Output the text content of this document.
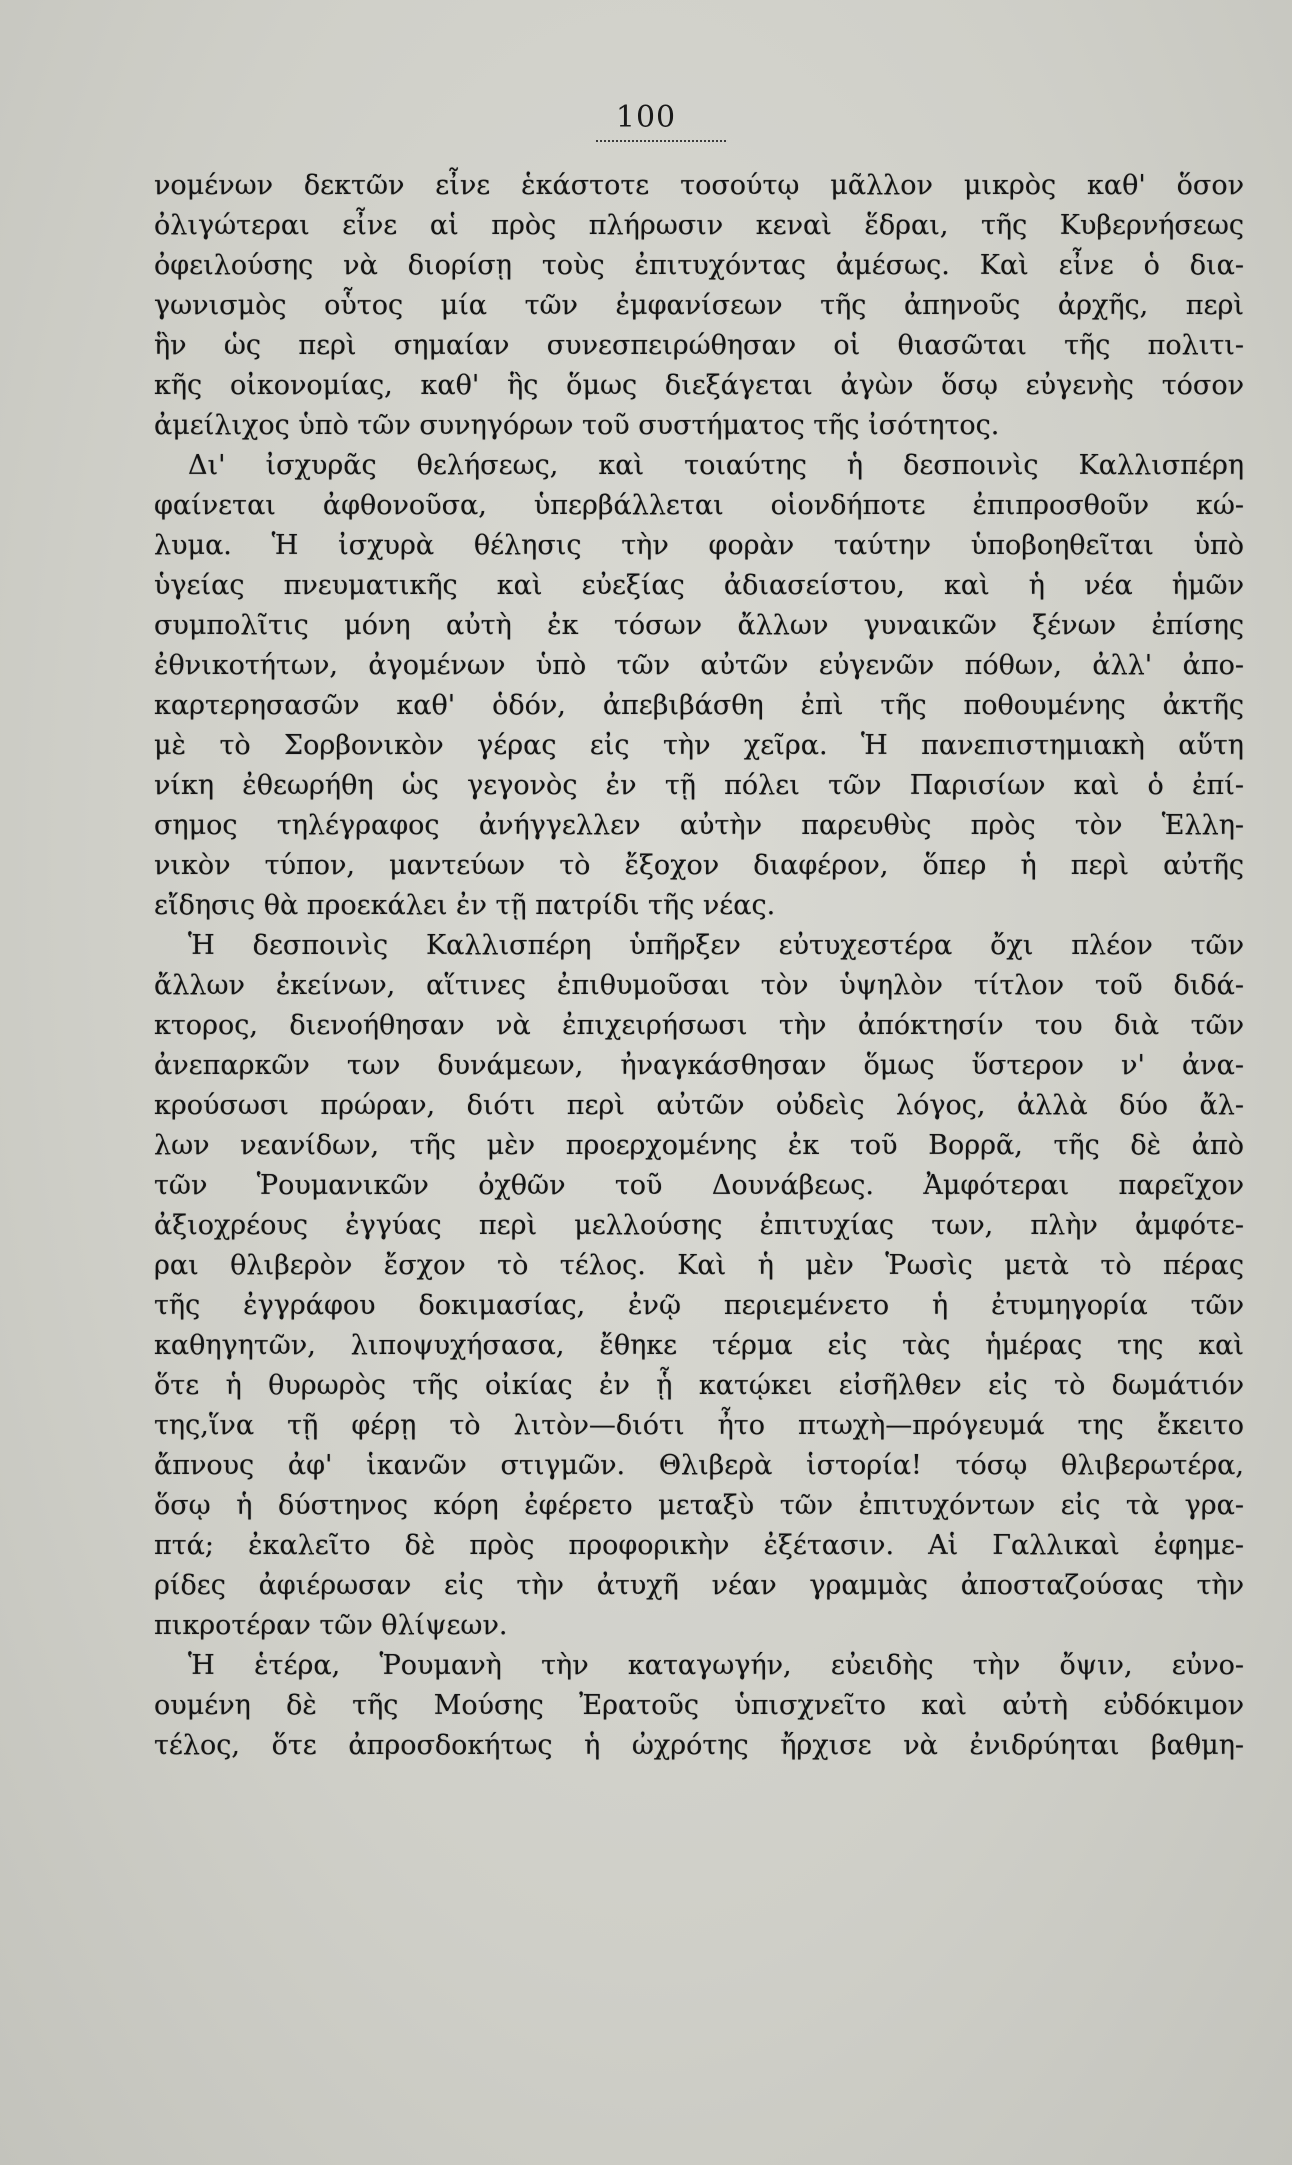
100
νομένων δεκτῶν εἶνε ἑκάστοτε τοσούτῳ μᾶλλον μικρὸς καθ' ὅσον
ὀλιγώτεραι εἶνε αἱ πρὸς πλήρωσιν κεναὶ ἕδραι, τῆς Κυβερνήσεως
ὀφειλούσης νὰ διορίσῃ τοὺς ἐπιτυχόντας ἀμέσως. Καὶ εἶνε ὁ δια-
γωνισμὸς οὗτος μία τῶν ἐμφανίσεων τῆς ἀπηνοῦς ἀρχῆς, περὶ
ἣν ὡς περὶ σημαίαν συνεσπειρώθησαν οἱ θιασῶται τῆς πολιτι-
κῆς οἰκονομίας, καθ' ἣς ὅμως διεξάγεται ἀγὼν ὅσῳ εὐγενὴς τόσον
ἀμείλιχος ὑπὸ τῶν συνηγόρων τοῦ συστήματος τῆς ἰσότητος.
Δι' ἰσχυρᾶς θελήσεως, καὶ τοιαύτης ἡ δεσποινὶς Καλλισπέρη
φαίνεται ἀφθονοῦσα, ὑπερβάλλεται οἱονδήποτε ἐπιπροσθοῦν κώ-
λυμα. Ἡ ἰσχυρὰ θέλησις τὴν φορὰν ταύτην ὑποβοηθεῖται ὑπὸ
ὑγείας πνευματικῆς καὶ εὐεξίας ἀδιασείστου, καὶ ἡ νέα ἡμῶν
συμπολῖτις μόνη αὐτὴ ἐκ τόσων ἄλλων γυναικῶν ξένων ἐπίσης
ἐθνικοτήτων, ἀγομένων ὑπὸ τῶν αὐτῶν εὐγενῶν πόθων, ἀλλ' ἀπο-
καρτερησασῶν καθ' ὁδόν, ἀπεβιβάσθη ἐπὶ τῆς ποθουμένης ἀκτῆς
μὲ τὸ Σορβονικὸν γέρας εἰς τὴν χεῖρα. Ἡ πανεπιστημιακὴ αὕτη
νίκη ἐθεωρήθη ὡς γεγονὸς ἐν τῇ πόλει τῶν Παρισίων καὶ ὁ ἐπί-
σημος τηλέγραφος ἀνήγγελλεν αὐτὴν παρευθὺς πρὸς τὸν Ἑλλη-
νικὸν τύπον, μαντεύων τὸ ἔξοχον διαφέρον, ὅπερ ἡ περὶ αὐτῆς
εἴδησις θὰ προεκάλει ἐν τῇ πατρίδι τῆς νέας.
Ἡ δεσποινὶς Καλλισπέρη ὑπῆρξεν εὐτυχεστέρα ὄχι πλέον τῶν
ἄλλων ἐκείνων, αἵτινες ἐπιθυμοῦσαι τὸν ὑψηλὸν τίτλον τοῦ διδά-
κτορος, διενοήθησαν νὰ ἐπιχειρήσωσι τὴν ἀπόκτησίν του διὰ τῶν
ἀνεπαρκῶν των δυνάμεων, ἠναγκάσθησαν ὅμως ὕστερον ν' ἀνα-
κρούσωσι πρώραν, διότι περὶ αὐτῶν οὐδεὶς λόγος, ἀλλὰ δύο ἄλ-
λων νεανίδων, τῆς μὲν προερχομένης ἐκ τοῦ Βορρᾶ, τῆς δὲ ἀπὸ
τῶν Ῥουμανικῶν ὀχθῶν τοῦ Δουνάβεως. Ἀμφότεραι παρεῖχον
ἀξιοχρέους ἐγγύας περὶ μελλούσης ἐπιτυχίας των, πλὴν ἀμφότε-
ραι θλιβερὸν ἔσχον τὸ τέλος. Καὶ ἡ μὲν Ῥωσὶς μετὰ τὸ πέρας
τῆς ἐγγράφου δοκιμασίας, ἐνῷ περιεμένετο ἡ ἐτυμηγορία τῶν
καθηγητῶν, λιποψυχήσασα, ἔθηκε τέρμα εἰς τὰς ἡμέρας της καὶ
ὅτε ἡ θυρωρὸς τῆς οἰκίας ἐν ᾗ κατῴκει εἰσῆλθεν εἰς τὸ δωμάτιόν
της,ἵνα τῇ φέρῃ τὸ λιτὸν—διότι ἦτο πτωχὴ—πρόγευμά της ἔκειτο
ἄπνους ἀφ' ἱκανῶν στιγμῶν. Θλιβερὰ ἱστορία! τόσῳ θλιβερωτέρα,
ὅσῳ ἡ δύστηνος κόρη ἐφέρετο μεταξὺ τῶν ἐπιτυχόντων εἰς τὰ γρα-
πτά; ἐκαλεῖτο δὲ πρὸς προφορικὴν ἐξέτασιν. Αἱ Γαλλικαὶ ἐφημε-
ρίδες ἀφιέρωσαν εἰς τὴν ἀτυχῆ νέαν γραμμὰς ἀποσταζούσας τὴν
πικροτέραν τῶν θλίψεων.
Ἡ ἑτέρα, Ῥουμανὴ τὴν καταγωγήν, εὐειδὴς τὴν ὄψιν, εὐνο-
ουμένη δὲ τῆς Μούσης Ἐρατοῦς ὑπισχνεῖτο καὶ αὐτὴ εὐδόκιμον
τέλος, ὅτε ἀπροσδοκήτως ἡ ὠχρότης ἤρχισε νὰ ἐνιδρύηται βαθμη-
